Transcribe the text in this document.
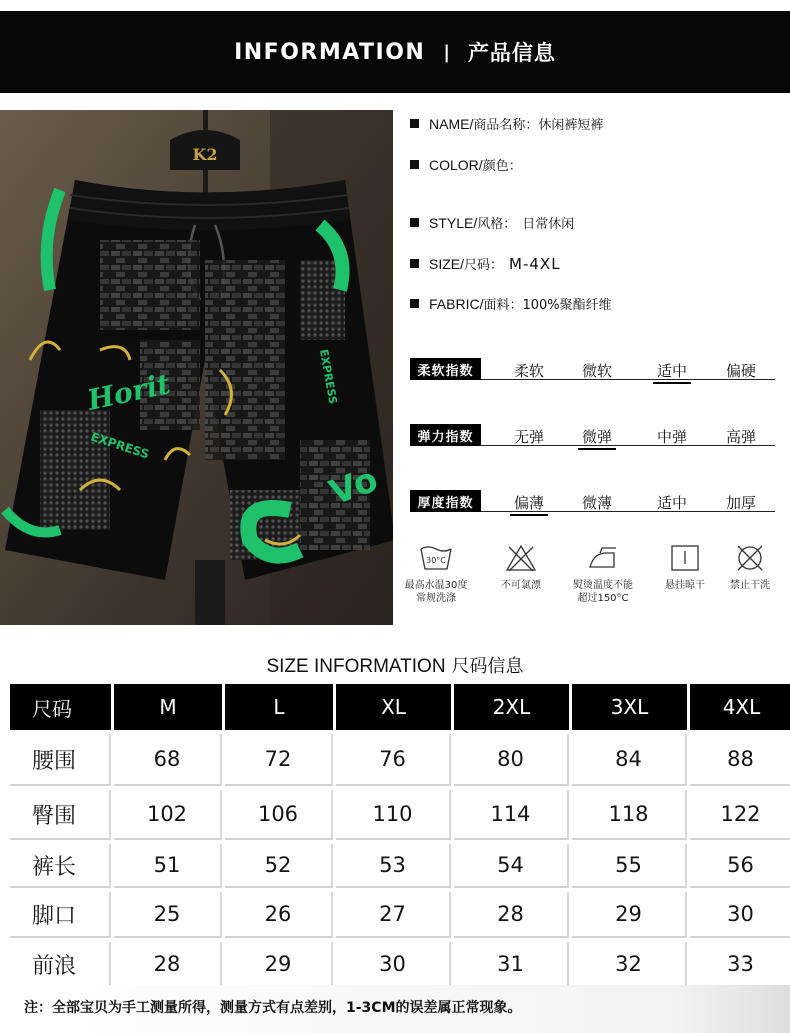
INFORMATION | 产品信息
K2
Horit
EXPRESS
EXPRESS
Vo
NAME/ 商品名称： 休闲裤短裤
COLOR/ 颜色：
STYLE/ 风格： 日常休闲
SIZE/ 尺码： M-4XL
FABRIC/ 面料： 100%聚酯纤维
柔软指数	柔软	微软	适中	偏硬
弹力指数	无弹	微弹	中弹	高弹
厚度指数	偏薄	微薄	适中	加厚
30°C
最高水温30度
常规洗涤
不可氯漂	熨烫温度不能
超过150°C
悬挂晾干	禁止干洗
SIZE INFORMATION 尺码信息
尺码	M	L	XL	2XL	3XL	4XL
腰围	68	72	76	80	84	88
臀围	102	106	110	114	118	122
裤长	51	52	53	54	55	56
脚口	25	26	27	28	29	30
前浪	28	29	30	31	32	33
注：全部宝贝为手工测量所得，测量方式有点差别，1-3CM的误差属正常现象。
